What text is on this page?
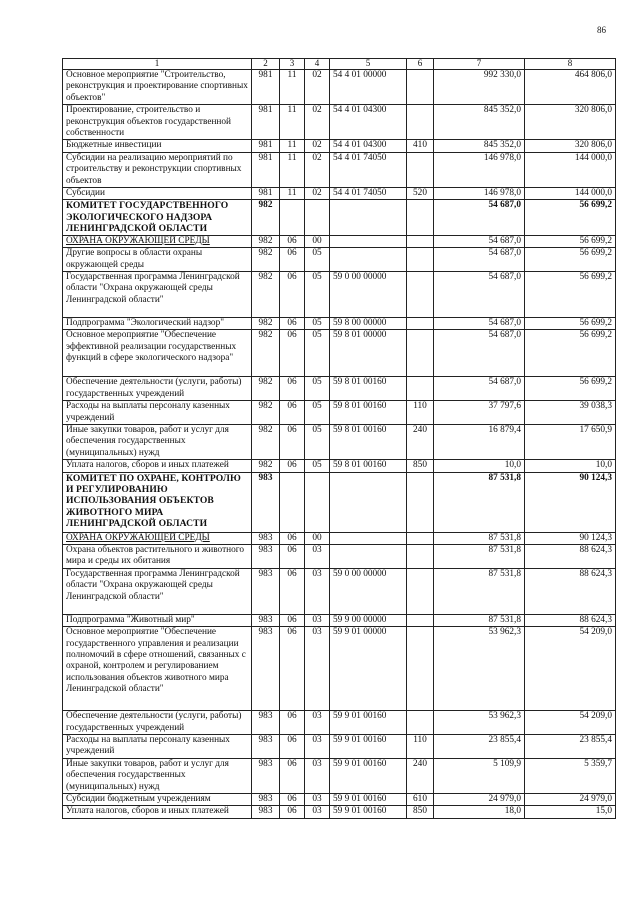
86
1	2	3	4	5	6	7	8
Основное мероприятие "Строительство, реконструкция и проектирование спортивных объектов"	981	11	02	54 4 01 00000		992 330,0	464 806,0
Проектирование, строительство и реконструкция объектов государственной собственности	981	11	02	54 4 01 04300		845 352,0	320 806,0
Бюджетные инвестиции	981	11	02	54 4 01 04300	410	845 352,0	320 806,0
Субсидии на реализацию мероприятий по строительству и реконструкции спортивных объектов	981	11	02	54 4 01 74050		146 978,0	144 000,0
Субсидии	981	11	02	54 4 01 74050	520	146 978,0	144 000,0
КОМИТЕТ ГОСУДАРСТВЕННОГО ЭКОЛОГИЧЕСКОГО НАДЗОРА ЛЕНИНГРАДСКОЙ ОБЛАСТИ	982					54 687,0	56 699,2
ОХРАНА ОКРУЖАЮЩЕЙ СРЕДЫ	982	06	00			54 687,0	56 699,2
Другие вопросы в области охраны окружающей среды	982	06	05			54 687,0	56 699,2
Государственная программа Ленинградской области "Охрана окружающей среды Ленинградской области"	982	06	05	59 0 00 00000		54 687,0	56 699,2
Подпрограмма "Экологический надзор"	982	06	05	59 8 00 00000		54 687,0	56 699,2
Основное мероприятие "Обеспечение эффективной реализации государственных функций в сфере экологического надзора"	982	06	05	59 8 01 00000		54 687,0	56 699,2
Обеспечение деятельности (услуги, работы) государственных учреждений	982	06	05	59 8 01 00160		54 687,0	56 699,2
Расходы на выплаты персоналу казенных учреждений	982	06	05	59 8 01 00160	110	37 797,6	39 038,3
Иные закупки товаров, работ и услуг для обеспечения государственных (муниципальных) нужд	982	06	05	59 8 01 00160	240	16 879,4	17 650,9
Уплата налогов, сборов и иных платежей	982	06	05	59 8 01 00160	850	10,0	10,0
КОМИТЕТ ПО ОХРАНЕ, КОНТРОЛЮ И РЕГУЛИРОВАНИЮ ИСПОЛЬЗОВАНИЯ ОБЪЕКТОВ ЖИВОТНОГО МИРА ЛЕНИНГРАДСКОЙ ОБЛАСТИ	983					87 531,8	90 124,3
ОХРАНА ОКРУЖАЮЩЕЙ СРЕДЫ	983	06	00			87 531,8	90 124,3
Охрана объектов растительного и животного мира и среды их обитания	983	06	03			87 531,8	88 624,3
Государственная программа Ленинградской области "Охрана окружающей среды Ленинградской области"	983	06	03	59 0 00 00000		87 531,8	88 624,3
Подпрограмма "Животный мир"	983	06	03	59 9 00 00000		87 531,8	88 624,3
Основное мероприятие "Обеспечение государственного управления и реализации полномочий в сфере отношений, связанных с охраной, контролем и регулированием использования объектов животного мира Ленинградской области"	983	06	03	59 9 01 00000		53 962,3	54 209,0
Обеспечение деятельности (услуги, работы) государственных учреждений	983	06	03	59 9 01 00160		53 962,3	54 209,0
Расходы на выплаты персоналу казенных учреждений	983	06	03	59 9 01 00160	110	23 855,4	23 855,4
Иные закупки товаров, работ и услуг для обеспечения государственных (муниципальных) нужд	983	06	03	59 9 01 00160	240	5 109,9	5 359,7
Субсидии бюджетным учреждениям	983	06	03	59 9 01 00160	610	24 979,0	24 979,0
Уплата налогов, сборов и иных платежей	983	06	03	59 9 01 00160	850	18,0	15,0
